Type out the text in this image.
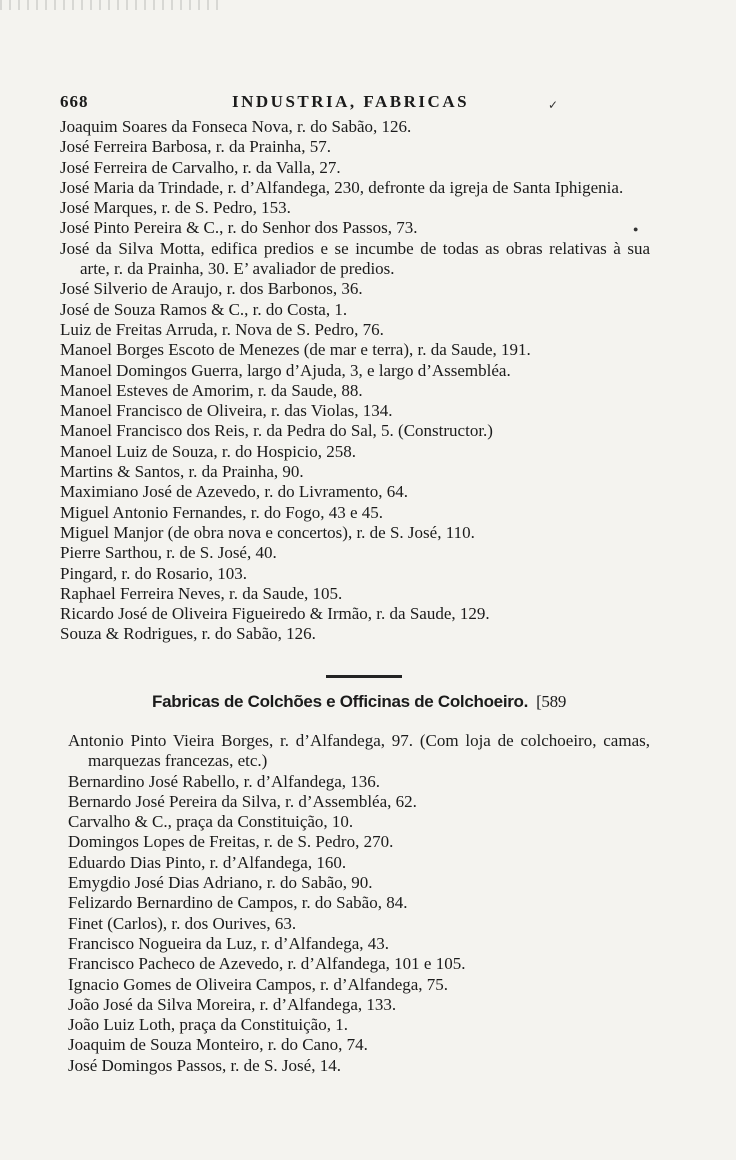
668	INDUSTRIA, FABRICAS	✓
●
Joaquim Soares da Fonseca Nova, r. do Sabão, 126.
José Ferreira Barbosa, r. da Prainha, 57.
José Ferreira de Carvalho, r. da Valla, 27.
José Maria da Trindade, r. d’Alfandega, 230, defronte da igreja de Santa Iphigenia.
José Marques, r. de S. Pedro, 153.
José Pinto Pereira & C., r. do Senhor dos Passos, 73.
José da Silva Motta, edifica predios e se incumbe de todas as obras relativas à sua arte, r. da Prainha, 30. E’ avaliador de predios.
José Silverio de Araujo, r. dos Barbonos, 36.
José de Souza Ramos & C., r. do Costa, 1.
Luiz de Freitas Arruda, r. Nova de S. Pedro, 76.
Manoel Borges Escoto de Menezes (de mar e terra), r. da Saude, 191.
Manoel Domingos Guerra, largo d’Ajuda, 3, e largo d’Assembléa.
Manoel Esteves de Amorim, r. da Saude, 88.
Manoel Francisco de Oliveira, r. das Violas, 134.
Manoel Francisco dos Reis, r. da Pedra do Sal, 5. (Constructor.)
Manoel Luiz de Souza, r. do Hospicio, 258.
Martins & Santos, r. da Prainha, 90.
Maximiano José de Azevedo, r. do Livramento, 64.
Miguel Antonio Fernandes, r. do Fogo, 43 e 45.
Miguel Manjor (de obra nova e concertos), r. de S. José, 110.
Pierre Sarthou, r. de S. José, 40.
Pingard, r. do Rosario, 103.
Raphael Ferreira Neves, r. da Saude, 105.
Ricardo José de Oliveira Figueiredo & Irmão, r. da Saude, 129.
Souza & Rodrigues, r. do Sabão, 126.
Fabricas de Colchões e Officinas de Colchoeiro. [589
Antonio Pinto Vieira Borges, r. d’Alfandega, 97. (Com loja de colchoeiro, camas, marquezas francezas, etc.)
Bernardino José Rabello, r. d’Alfandega, 136.
Bernardo José Pereira da Silva, r. d’Assembléa, 62.
Carvalho & C., praça da Constituição, 10.
Domingos Lopes de Freitas, r. de S. Pedro, 270.
Eduardo Dias Pinto, r. d’Alfandega, 160.
Emygdio José Dias Adriano, r. do Sabão, 90.
Felizardo Bernardino de Campos, r. do Sabão, 84.
Finet (Carlos), r. dos Ourives, 63.
Francisco Nogueira da Luz, r. d’Alfandega, 43.
Francisco Pacheco de Azevedo, r. d’Alfandega, 101 e 105.
Ignacio Gomes de Oliveira Campos, r. d’Alfandega, 75.
João José da Silva Moreira, r. d’Alfandega, 133.
João Luiz Loth, praça da Constituição, 1.
Joaquim de Souza Monteiro, r. do Cano, 74.
José Domingos Passos, r. de S. José, 14.
